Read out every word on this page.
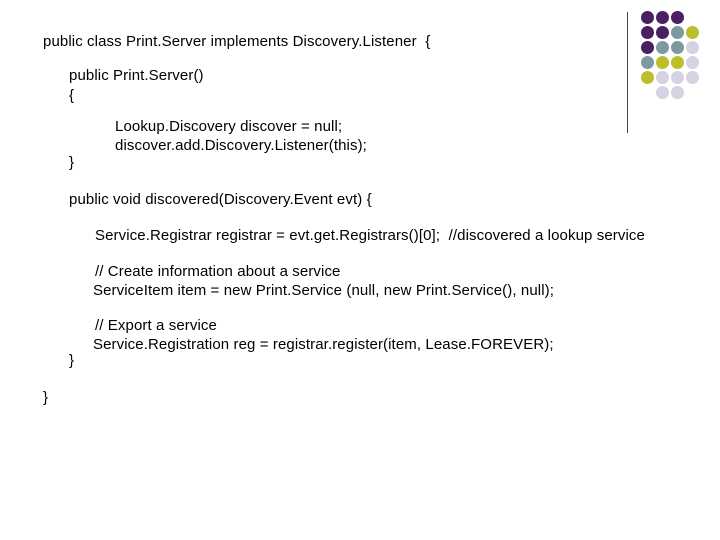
public class Print.Server implements Discovery.Listener  {
public Print.Server()
{
Lookup.Discovery discover = null;
discover.add.Discovery.Listener(this);
}
public void discovered(Discovery.Event evt) {
Service.Registrar registrar = evt.get.Registrars()[0];  //discovered a lookup service
// Create information about a service
ServiceItem item = new Print.Service (null, new Print.Service(), null);
// Export a service
Service.Registration reg = registrar.register(item, Lease.FOREVER);
}
}
